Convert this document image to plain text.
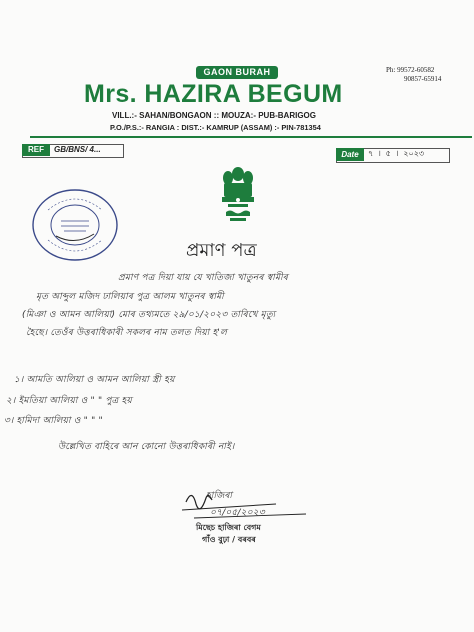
GAON BURAH	Ph: 99572-60582
90857-65914
Mrs. HAZIRA BEGUM
VILL.:- SAHAN/BONGAON :: MOUZA:- PUB-BARIGOG
P.O./P.S.:- RANGIA : DIST.:- KAMRUP (ASSAM) :- PIN-781354
REF	GB/BNS/ 4...
Date	৭ । ৫ । ২০২৩
প্রমাণ পত্র
প্ৰমাণ পত্ৰ দিয়া যায় যে খাতিজা খাতুনৰ স্বামীৰ
মৃত আব্দুল মজিদ ঢালিয়াৰ পুত্ৰ আলম খাতুনৰ স্বামী
(মিঞা ও আমন আলিয়া) মোৰ তথ্যমতে ২৯/০১/২০২৩ তাৰিখে মৃত্যু
হৈছে। তেওঁৰ উত্তৰাধিকাৰী সকলৰ নাম তলত দিয়া হ'ল
১। আমতি আলিয়া ও আমন আলিয়া স্ত্ৰী হয়
২। ইমতিয়া আলিয়া ও " " পুত্ৰ হয়
৩। হামিদা আলিয়া ও " " "
উল্লেখিত বাহিৰে আন কোনো উত্তৰাধিকাৰী নাই।
হাজিৰা
০৭/০৫/২০২৩
মিছেচ হাজিৰা বেগম
গাঁও বুঢ়া / বৰবৰ
